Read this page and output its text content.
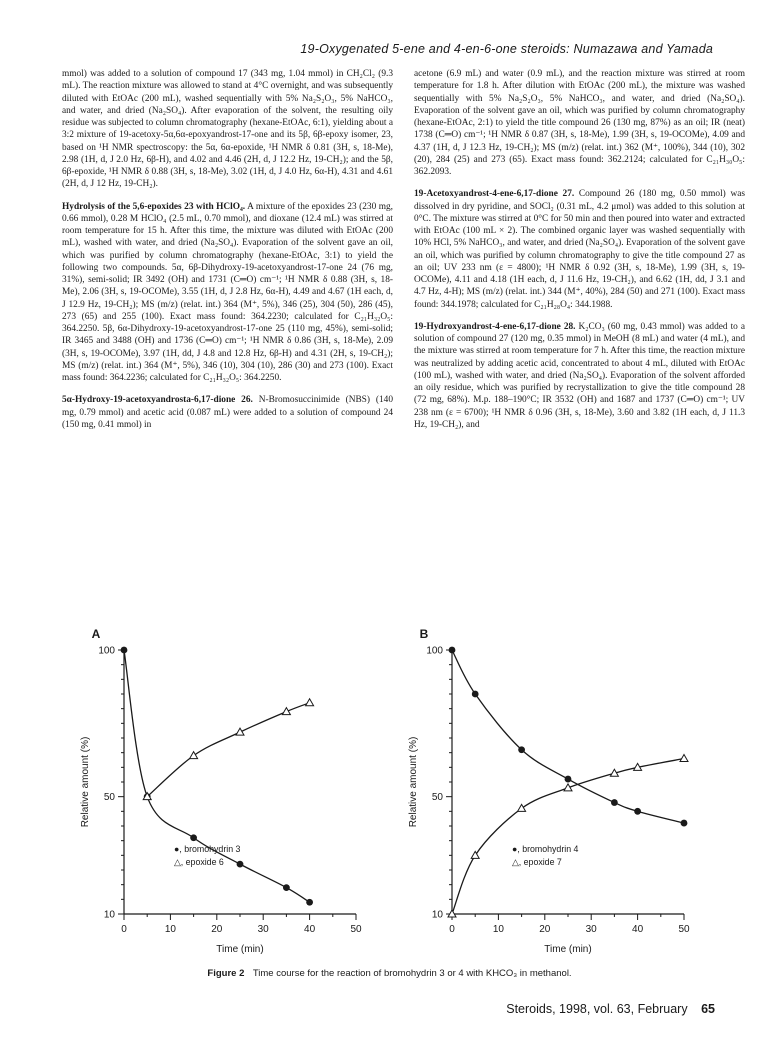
19-Oxygenated 5-ene and 4-en-6-one steroids: Numazawa and Yamada

mmol) was added to a solution of compound 17 (343 mg, 1.04 mmol) in CH₂Cl₂ (9.3 mL). The reaction mixture was allowed to stand at 4°C overnight, and was subsequently diluted with EtOAc (200 mL), washed sequentially with 5% Na₂S₂O₃, 5% NaHCO₃, and water, and dried (Na₂SO₄). After evaporation of the solvent, the resulting oily residue was subjected to column chromatography (hexane-EtOAc, 6:1), yielding about a 3:2 mixture of 19-acetoxy-5α,6α-epoxyandrost-17-one and its 5β, 6β-epoxy isomer, 23, based on ¹H NMR spectroscopy: the 5α, 6α-epoxide, ¹H NMR δ 0.81 (3H, s, 18-Me), 2.98 (1H, d, J 2.0 Hz, 6β-H), and 4.02 and 4.46 (2H, d, J 12.2 Hz, 19-CH₂); and the 5β, 6β-epoxide, ¹H NMR δ 0.88 (3H, s, 18-Me), 3.02 (1H, d, J 4.0 Hz, 6α-H), 4.31 and 4.61 (2H, d, J 12 Hz, 19-CH₂).

Hydrolysis of the 5,6-epoxides 23 with HClO₄. A mixture of the epoxides 23 (230 mg, 0.66 mmol), 0.28 M HClO₄ (2.5 mL, 0.70 mmol), and dioxane (12.4 mL) was stirred at room temperature for 15 h. After this time, the mixture was diluted with EtOAc (200 mL), washed with water, and dried (Na₂SO₄). Evaporation of the solvent gave an oil, which was purified by column chromatography (hexane-EtOAc, 3:1) to yield the following two compounds. 5α, 6β-Dihydroxy-19-acetoxyandrost-17-one 24 (76 mg, 31%), semi-solid; IR 3492 (OH) and 1731 (C═O) cm⁻¹; ¹H NMR δ 0.88 (3H, s, 18-Me), 2.06 (3H, s, 19-OCOMe), 3.55 (1H, d, J 2.8 Hz, 6α-H), 4.49 and 4.67 (1H each, d, J 12.9 Hz, 19-CH₂); MS (m/z) (relat. int.) 364 (M⁺, 5%), 346 (25), 304 (50), 286 (45), 273 (65) and 255 (100). Exact mass found: 364.2230; calculated for C₂₁H₃₂O₅: 364.2250. 5β, 6α-Dihydroxy-19-acetoxyandrost-17-one 25 (110 mg, 45%), semi-solid; IR 3465 and 3488 (OH) and 1736 (C═O) cm⁻¹; ¹H NMR δ 0.86 (3H, s, 18-Me), 2.09 (3H, s, 19-OCOMe), 3.97 (1H, dd, J 4.8 and 12.8 Hz, 6β-H) and 4.31 (2H, s, 19-CH₂); MS (m/z) (relat. int.) 364 (M⁺, 5%), 346 (10), 304 (10), 286 (30) and 273 (100). Exact mass found: 364.2236; calculated for C₂₁H₃₂O₅: 364.2250.

5α-Hydroxy-19-acetoxyandrosta-6,17-dione 26. N-Bromosuccinimide (NBS) (140 mg, 0.79 mmol) and acetic acid (0.087 mL) were added to a solution of compound 24 (150 mg, 0.41 mmol) in

acetone (6.9 mL) and water (0.9 mL), and the reaction mixture was stirred at room temperature for 1.8 h. After dilution with EtOAc (200 mL), the mixture was washed sequentially with 5% Na₂S₂O₃, 5% NaHCO₃, and water, and dried (Na₂SO₄). Evaporation of the solvent gave an oil, which was purified by column chromatography (hexane-EtOAc, 2:1) to yield the title compound 26 (130 mg, 87%) as an oil; IR (neat) 1738 (C═O) cm⁻¹; ¹H NMR δ 0.87 (3H, s, 18-Me), 1.99 (3H, s, 19-OCOMe), 4.09 and 4.37 (1H, d, J 12.3 Hz, 19-CH₂); MS (m/z) (relat. int.) 362 (M⁺, 100%), 344 (10), 302 (20), 284 (25) and 273 (65). Exact mass found: 362.2124; calculated for C₂₁H₃₀O₅: 362.2093.

19-Acetoxyandrost-4-ene-6,17-dione 27. Compound 26 (180 mg, 0.50 mmol) was dissolved in dry pyridine, and SOCl₂ (0.31 mL, 4.2 μmol) was added to this solution at 0°C. The mixture was stirred at 0°C for 50 min and then poured into water and extracted with EtOAc (100 mL × 2). The combined organic layer was washed sequentially with 10% HCl, 5% NaHCO₃, and water, and dried (Na₂SO₄). Evaporation of the solvent gave an oil, which was purified by column chromatography to give the title compound 27 as an oil; UV 233 nm (ε = 4800); ¹H NMR δ 0.92 (3H, s, 18-Me), 1.99 (3H, s, 19-OCOMe), 4.11 and 4.18 (1H each, d, J 11.6 Hz, 19-CH₂), and 6.62 (1H, dd, J 3.1 and 4.7 Hz, 4-H); MS (m/z) (relat. int.) 344 (M⁺, 40%), 284 (50) and 271 (100). Exact mass found: 344.1978; calculated for C₂₁H₂₈O₄: 344.1988.

19-Hydroxyandrost-4-ene-6,17-dione 28. K₂CO₃ (60 mg, 0.43 mmol) was added to a solution of compound 27 (120 mg, 0.35 mmol) in MeOH (8 mL) and water (4 mL), and the mixture was stirred at room temperature for 7 h. After this time, the reaction mixture was neutralized by adding acetic acid, concentrated to about 4 mL, diluted with EtOAc (100 mL), washed with water, and dried (Na₂SO₄). Evaporation of the solvent afforded an oily residue, which was purified by recrystallization to give the title compound 28 (72 mg, 68%). M.p. 188–190°C; IR 3532 (OH) and 1687 and 1737 (C═O) cm⁻¹; UV 238 nm (ε = 6700); ¹H NMR δ 0.96 (3H, s, 18-Me), 3.60 and 3.82 (1H each, d, J 11.3 Hz, 19-CH₂), and

A
10
50
100
0	10	20	30	40	50
Time (min)
Relative amount (%)
●, bromohydrin 3
△, epoxide 6
B
10
50
100
0	10	20	30	40	50
Time (min)
Relative amount (%)
●, bromohydrin 4
△, epoxide 7
Figure 2 Time course for the reaction of bromohydrin 3 or 4 with KHCO₃ in methanol.
Steroids, 1998, vol. 63, February 65
